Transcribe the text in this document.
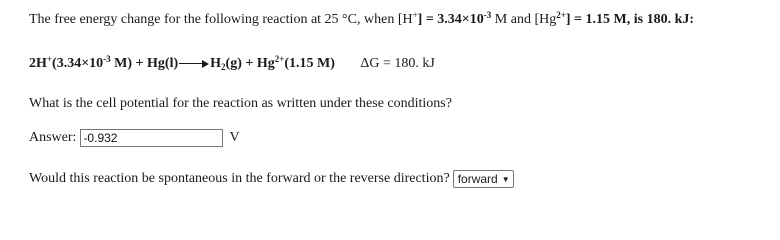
The free energy change for the following reaction at 25 °C, when $[H^+] = 3.34\times 10^{-3}$ M and $[Hg^{2+}] = 1.15$ M, is 180. kJ:
$2H^+(3.34\times 10^{-3}$ M) + Hg(l) $H_2(g) + Hg^{2+}(1.15$ M) ΔG = 180. kJ
What is the cell potential for the reaction as written under these conditions?
Answer:
-0.932	V
Would this reaction be spontaneous in the forward or the reverse direction? forward ▼
